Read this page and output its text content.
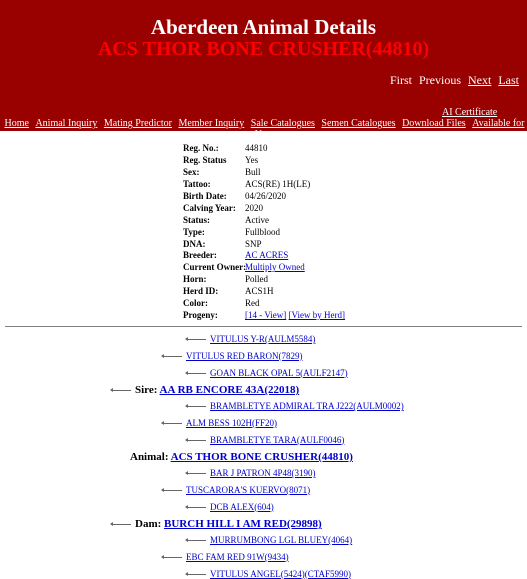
Aberdeen Animal Details
ACS THOR BONE CRUSHER(44810)
First Previous Next Last
AI Certificate
Home Animal Inquiry Mating Predictor Member Inquiry Sale Catalogues Semen Catalogues Download Files Available for Use
Reg. No.:	44810
Reg. Status Yes
Sex:	Bull
Tattoo:	ACS(RE) 1H(LE)
Birth Date: 04/26/2020
Calving Year: 2020
Status:	Active
Type:	Fullblood
DNA:	SNP
Breeder:	AC ACRES
Current Owner:Multiply Owned
Horn:	Polled
Herd ID:	ACS1H
Color:	Red
Progeny:	[14 - View] [View by Herd]
VITULUS Y-R(AULM5584)
VITULUS RED BARON(7829)
GOAN BLACK OPAL 5(AULF2147)
Sire: AA RB ENCORE 43A(22018)
BRAMBLETYE ADMIRAL TRA J222(AULM0002)
ALM BESS 102H(FF20)
BRAMBLETYE TARA(AULF0046)
Animal: ACS THOR BONE CRUSHER(44810)
BAR J PATRON 4P48(3190)
TUSCARORA'S KUERVO(8071)
DCB ALEX(604)
Dam: BURCH HILL I AM RED(29898)
MURRUMBONG LGL BLUEY(4064)
EBC FAM RED 91W(9434)
VITULUS ANGEL(5424)(CTAF5990)
